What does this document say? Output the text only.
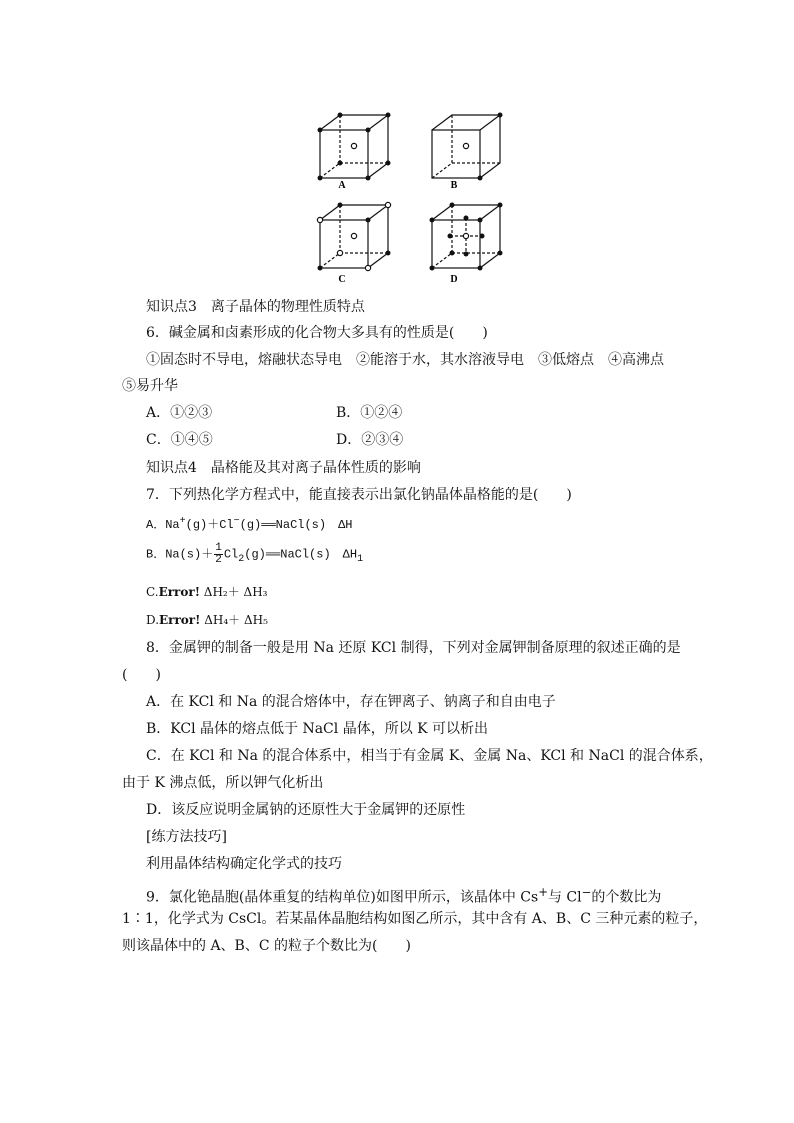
A	B
C	D
知识点3　离子晶体的物理性质特点
6．碱金属和卤素形成的化合物大多具有的性质是(　　)
①固态时不导电，熔融状态导电　②能溶于水，其水溶液导电　③低熔点　④高沸点
⑤易升华
A．①②③	B．①②④
C．①④⑤	D．②③④
知识点4　晶格能及其对离子晶体性质的影响
7．下列热化学方程式中，能直接表示出氯化钠晶体晶格能的是(　　)
A．Na+(g)＋Cl−(g)══NaCl(s)　ΔH
B．$Na(s)+ \frac{1}{2}$ $Cl_2(g)══NaCl(s)$　$\Delta H_1$
C.Error! ΔH₂＋ ΔH₃
D.Error! ΔH₄＋ ΔH₅
8．金属钾的制备一般是用 Na 还原 KCl 制得，下列对金属钾制备原理的叙述正确的是
(　　)
A．在 KCl 和 Na 的混合熔体中，存在钾离子、钠离子和自由电子
B．KCl 晶体的熔点低于 NaCl 晶体，所以 K 可以析出
C．在 KCl 和 Na 的混合体系中，相当于有金属 K、金属 Na、KCl 和 NaCl 的混合体系，
由于 K 沸点低，所以钾气化析出
D．该反应说明金属钠的还原性大于金属钾的还原性
[练方法技巧]
利用晶体结构确定化学式的技巧
9．氯化铯晶胞(晶体重复的结构单位)如图甲所示，该晶体中 Cs+与 Cl−的个数比为
1∶1，化学式为 CsCl。若某晶体晶胞结构如图乙所示，其中含有 A、B、C 三种元素的粒子，
则该晶体中的 A、B、C 的粒子个数比为(　　)
